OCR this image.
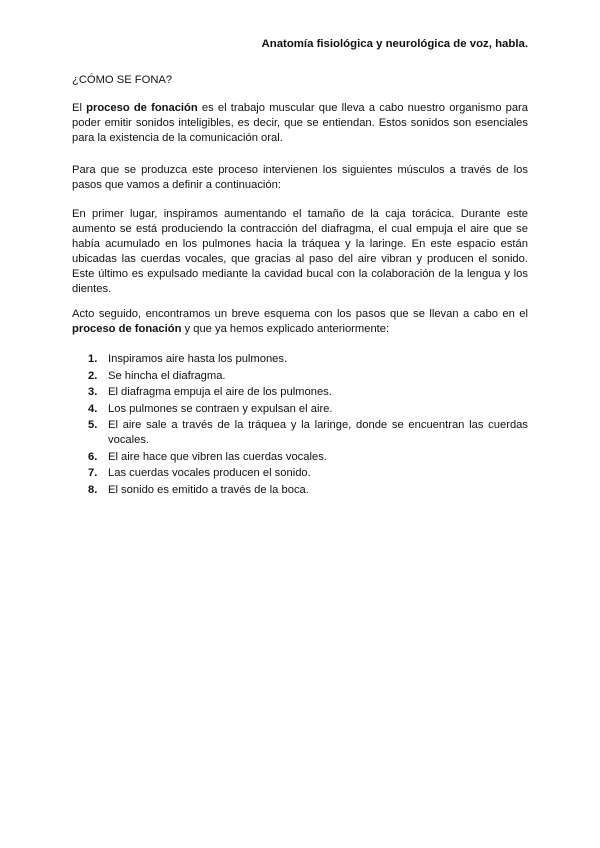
Anatomía fisiológica y neurológica de voz, habla.
¿CÓMO SE FONA?

El proceso de fonación es el trabajo muscular que lleva a cabo nuestro organismo para poder emitir sonidos inteligibles, es decir, que se entiendan. Estos sonidos son esenciales para la existencia de la comunicación oral.

Para que se produzca este proceso intervienen los siguientes músculos a través de los pasos que vamos a definir a continuación:

En primer lugar, inspiramos aumentando el tamaño de la caja torácica. Durante este aumento se está produciendo la contracción del diafragma, el cual empuja el aire que se había acumulado en los pulmones hacia la tráquea y la laringe. En este espacio están ubicadas las cuerdas vocales, que gracias al paso del aire vibran y producen el sonido. Este último es expulsado mediante la cavidad bucal con la colaboración de la lengua y los dientes.

Acto seguido, encontramos un breve esquema con los pasos que se llevan a cabo en el proceso de fonación y que ya hemos explicado anteriormente:

1. Inspiramos aire hasta los pulmones.
2. Se hincha el diafragma.
3. El diafragma empuja el aire de los pulmones.
4. Los pulmones se contraen y expulsan el aire.
5. El aire sale a través de la tráquea y la laringe, donde se encuentran las cuerdas vocales.
6. El aire hace que vibren las cuerdas vocales.
7. Las cuerdas vocales producen el sonido.
8. El sonido es emitido a través de la boca.
